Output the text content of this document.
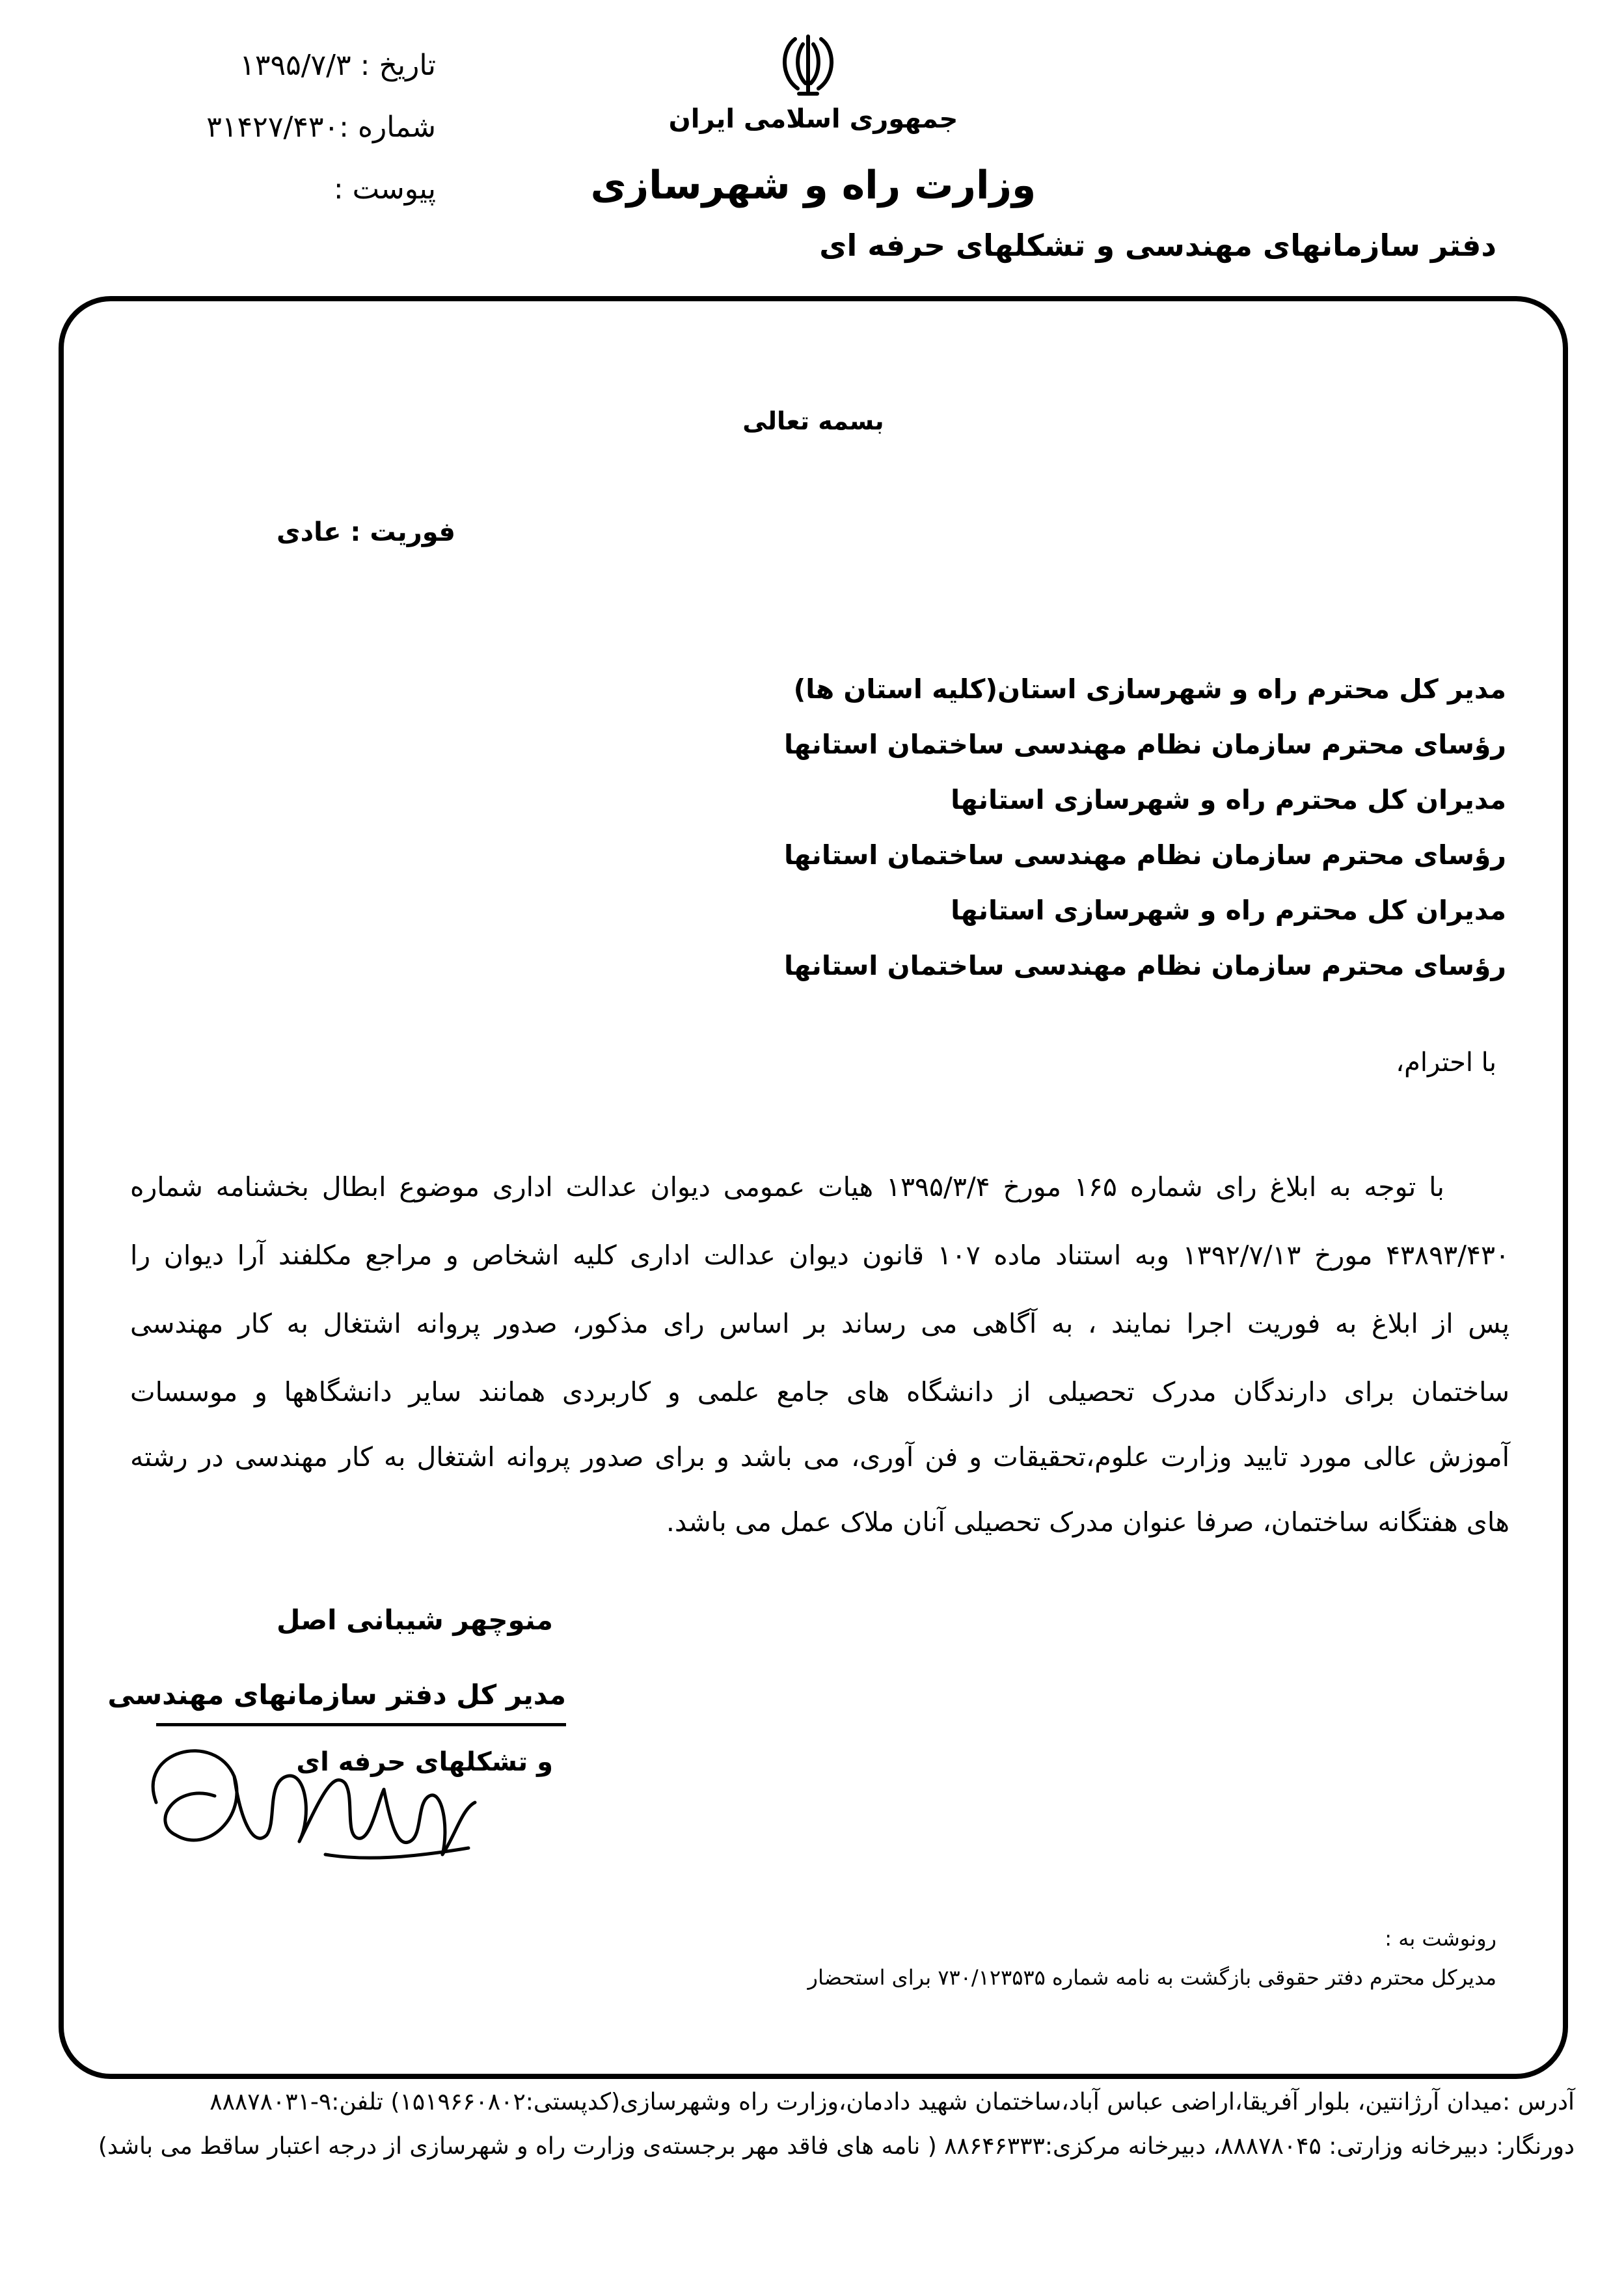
تاریخ : ۱۳۹۵/۷/۳
شماره :۳۱۴۲۷/۴۳۰
پیوست :
جمهوری اسلامی ایران
وزارت راه و شهرسازی
دفتر سازمانهای مهندسی و تشکلهای حرفه ای
بسمه تعالی
فوریت : عادی
مدیر کل محترم راه و شهرسازی استان(کلیه استان ها)
رؤسای محترم سازمان نظام مهندسی ساختمان استانها
مدیران کل محترم راه و شهرسازی استانها
رؤسای محترم سازمان نظام مهندسی ساختمان استانها
مدیران کل محترم راه و شهرسازی استانها
رؤسای محترم سازمان نظام مهندسی ساختمان استانها
با احترام،
با توجه به ابلاغ رای شماره ۱۶۵ مورخ ۱۳۹۵/۳/۴ هیات عمومی دیوان عدالت اداری موضوع ابطال بخشنامه شماره
۴۳۸۹۳/۴۳۰ مورخ ۱۳۹۲/۷/۱۳ وبه استناد ماده ۱۰۷ قانون دیوان عدالت اداری کلیه اشخاص و مراجع مکلفند آرا دیوان را
پس از ابلاغ به فوریت اجرا نمایند ، به آگاهی می رساند بر اساس رای مذکور، صدور پروانه اشتغال به کار مهندسی
ساختمان برای دارندگان مدرک تحصیلی از دانشگاه های جامع علمی و کاربردی همانند سایر دانشگاهها و موسسات
آموزش عالی مورد تایید وزارت علوم،تحقیقات و فن آوری، می باشد و برای صدور پروانه اشتغال به کار مهندسی در رشته
های هفتگانه ساختمان، صرفا عنوان مدرک تحصیلی آنان ملاک عمل می باشد.
منوچهر شیبانی اصل
مدیر کل دفتر سازمانهای مهندسی
و تشکلهای حرفه ای
رونوشت به :
مدیرکل محترم دفتر حقوقی بازگشت به نامه شماره ۷۳۰/۱۲۳۵۳۵ برای استحضار
آدرس :میدان آرژانتین، بلوار آفریقا،اراضی عباس آباد،ساختمان شهید دادمان،وزارت راه وشهرسازی(کدپستی:۱۵۱۹۶۶۰۸۰۲) تلفن:۹-۸۸۸۷۸۰۳۱
دورنگار: دبیرخانه وزارتی: ۸۸۸۷۸۰۴۵، دبیرخانه مرکزی:۸۸۶۴۶۳۳۳ ( نامه های فاقد مهر برجسته‌ی وزارت راه و شهرسازی از درجه اعتبار ساقط می باشد)
